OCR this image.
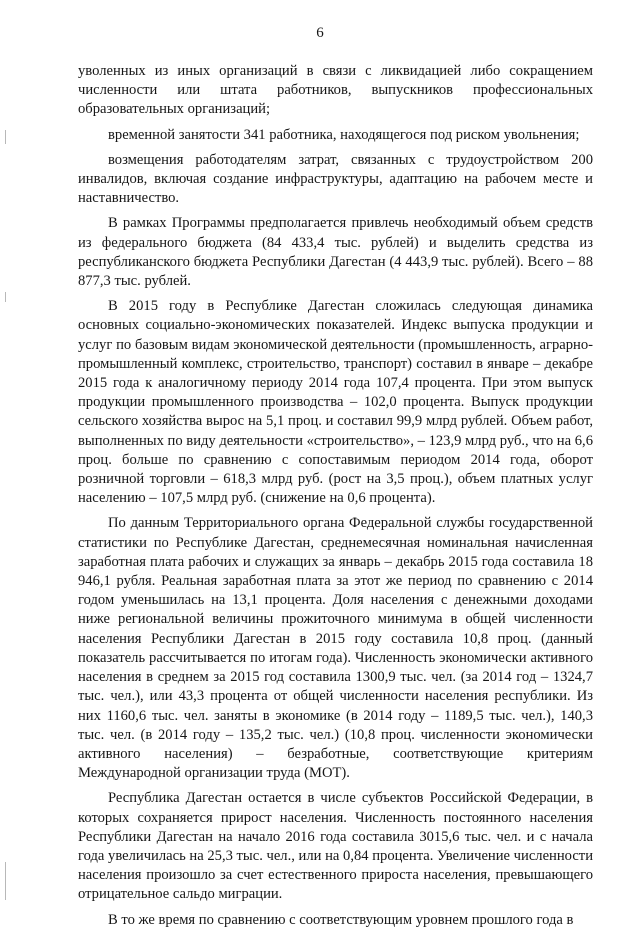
6

уволенных из иных организаций в связи с ликвидацией либо сокращением численности или штата работников, выпускников профессиональных образовательных организаций;

временной занятости 341 работника, находящегося под риском увольнения;

возмещения работодателям затрат, связанных с трудоустройством 200 инвалидов, включая создание инфраструктуры, адаптацию на рабочем месте и наставничество.

В рамках Программы предполагается привлечь необходимый объем средств из федерального бюджета (84 433,4 тыс. рублей) и выделить средства из республиканского бюджета Республики Дагестан (4 443,9 тыс. рублей). Всего – 88 877,3 тыс. рублей.

В 2015 году в Республике Дагестан сложилась следующая динамика основных социально-экономических показателей. Индекс выпуска продукции и услуг по базовым видам экономической деятельности (промышленность, аграрно-промышленный комплекс, строительство, транспорт) составил в январе – декабре 2015 года к аналогичному периоду 2014 года 107,4 процента. При этом выпуск продукции промышленного производства – 102,0 процента. Выпуск продукции сельского хозяйства вырос на 5,1 проц. и составил 99,9 млрд рублей. Объем работ, выполненных по виду деятельности «строительство», – 123,9 млрд руб., что на 6,6 проц. больше по сравнению с сопоставимым периодом 2014 года, оборот розничной торговли – 618,3 млрд руб. (рост на 3,5 проц.), объем платных услуг населению – 107,5 млрд руб. (снижение на 0,6 процента).

По данным Территориального органа Федеральной службы государственной статистики по Республике Дагестан, среднемесячная номинальная начисленная заработная плата рабочих и служащих за январь – декабрь 2015 года составила 18 946,1 рубля. Реальная заработная плата за этот же период по сравнению с 2014 годом уменьшилась на 13,1 процента. Доля населения с денежными доходами ниже региональной величины прожиточного минимума в общей численности населения Республики Дагестан в 2015 году составила 10,8 проц. (данный показатель рассчитывается по итогам года). Численность экономически активного населения в среднем за 2015 год составила 1300,9 тыс. чел. (за 2014 год – 1324,7 тыс. чел.), или 43,3 процента от общей численности населения республики. Из них 1160,6 тыс. чел. заняты в экономике (в 2014 году – 1189,5 тыс. чел.), 140,3 тыс. чел. (в 2014 году – 135,2 тыс. чел.) (10,8 проц. численности экономически активного населения) – безработные, соответствующие критериям Международной организации труда (МОТ).

Республика Дагестан остается в числе субъектов Российской Федерации, в которых сохраняется прирост населения. Численность постоянного населения Республики Дагестан на начало 2016 года составила 3015,6 тыс. чел. и с начала года увеличилась на 25,3 тыс. чел., или на 0,84 процента. Увеличение численности населения произошло за счет естественного прироста населения, превышающего отрицательное сальдо миграции.

В то же время по сравнению с соответствующим уровнем прошлого года в
